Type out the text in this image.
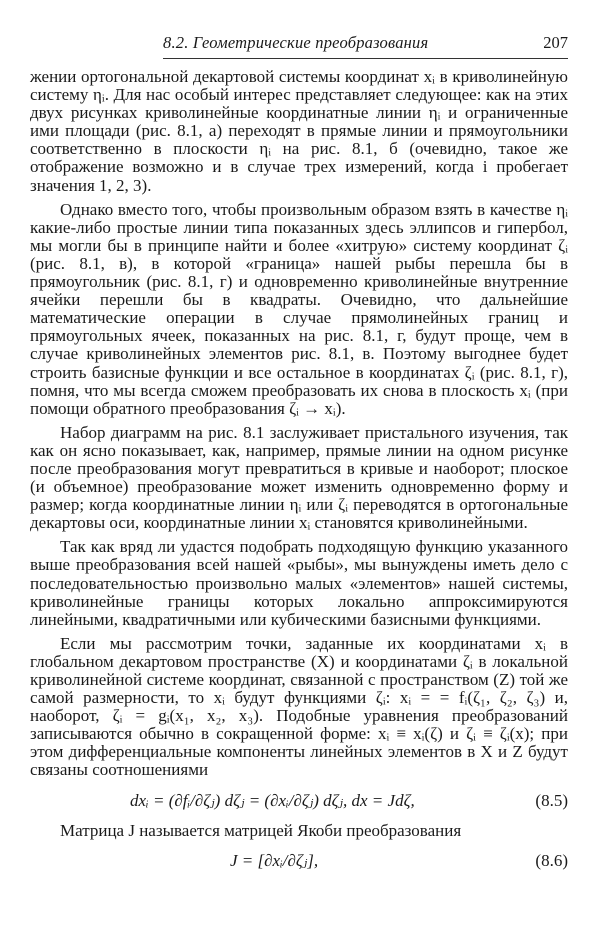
8.2. Геометрические преобразования	207

жении ортогональной декартовой системы координат xᵢ в криволинейную систему ηᵢ. Для нас особый интерес представляет следующее: как на этих двух рисунках криволинейные координатные линии ηᵢ и ограниченные ими площади (рис. 8.1, а) переходят в прямые линии и прямоугольники соответственно в плоскости ηᵢ на рис. 8.1, б (очевидно, такое же отображение возможно и в случае трех измерений, когда i пробегает значения 1, 2, 3).

Однако вместо того, чтобы произвольным образом взять в качестве ηᵢ какие-либо простые линии типа показанных здесь эллипсов и гипербол, мы могли бы в принципе найти и более «хитрую» систему координат ζᵢ (рис. 8.1, в), в которой «граница» нашей рыбы перешла бы в прямоугольник (рис. 8.1, г) и одновременно криволинейные внутренние ячейки перешли бы в квадраты. Очевидно, что дальнейшие математические операции в случае прямолинейных границ и прямоугольных ячеек, показанных на рис. 8.1, г, будут проще, чем в случае криволинейных элементов рис. 8.1, в. Поэтому выгоднее будет строить базисные функции и все остальное в координатах ζᵢ (рис. 8.1, г), помня, что мы всегда сможем преобразовать их снова в плоскость xᵢ (при помощи обратного преобразования ζᵢ → xᵢ).

Набор диаграмм на рис. 8.1 заслуживает пристального изучения, так как он ясно показывает, как, например, прямые линии на одном рисунке после преобразования могут превратиться в кривые и наоборот; плоское (и объемное) преобразование может изменить одновременно форму и размер; когда координатные линии ηᵢ или ζᵢ переводятся в ортогональные декартовы оси, координатные линии xᵢ становятся криволинейными.

Так как вряд ли удастся подобрать подходящую функцию указанного выше преобразования всей нашей «рыбы», мы вынуждены иметь дело с последовательностью произвольно малых «элементов» нашей системы, криволинейные границы которых локально аппроксимируются линейными, квадратичными или кубическими базисными функциями.

Если мы рассмотрим точки, заданные их координатами xᵢ в глобальном декартовом пространстве (X) и координатами ζᵢ в локальной криволинейной системе координат, связанной с пространством (Z) той же самой размерности, то xᵢ будут функциями ζᵢ: xᵢ = = fᵢ(ζ₁, ζ₂, ζ₃) и, наоборот, ζᵢ = gᵢ(x₁, x₂, x₃). Подобные уравнения преобразований записываются обычно в сокращенной форме: xᵢ ≡ xᵢ(ζ) и ζᵢ ≡ ζᵢ(x); при этом дифференциальные компоненты линейных элементов в X и Z будут связаны соотношениями

dxᵢ = (∂fᵢ/∂ζⱼ) dζⱼ = (∂xᵢ/∂ζⱼ) dζⱼ, dx = Jdζ,	(8.5)

Матрица J называется матрицей Якоби преобразования

J = [∂xᵢ/∂ζⱼ],	(8.6)
